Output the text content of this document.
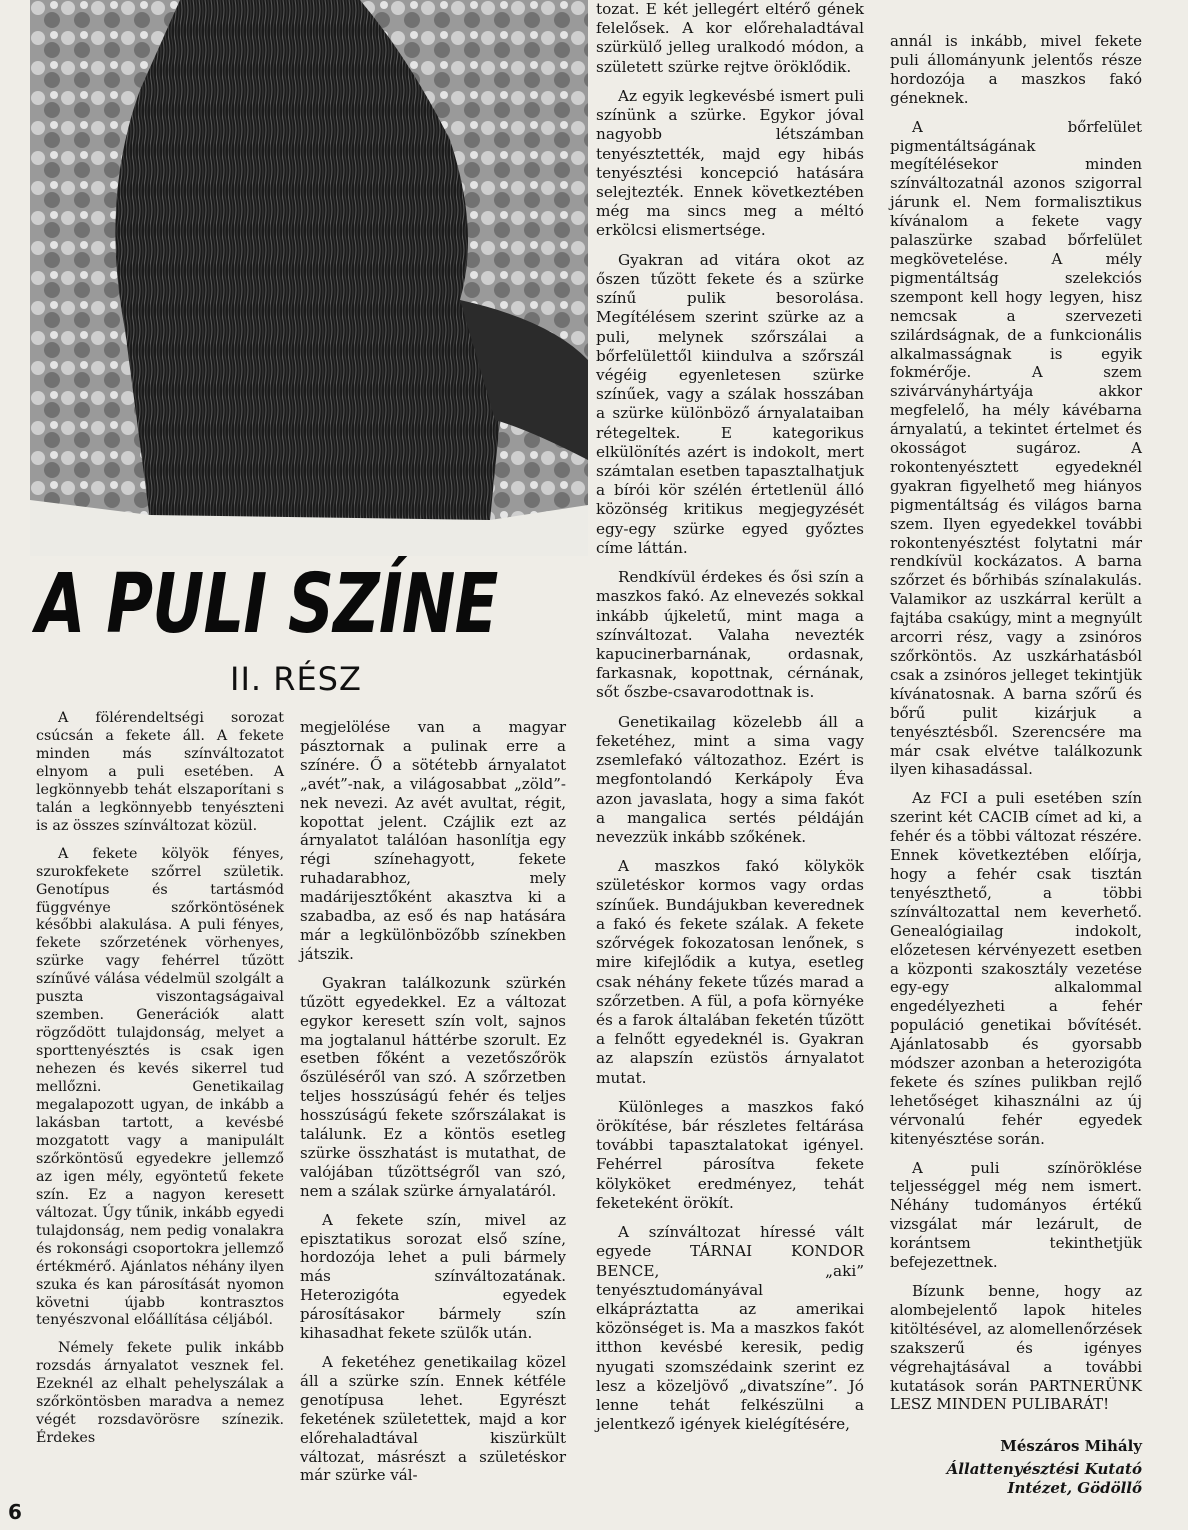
A PULI SZÍNE
II. RÉSZ

A fölérendeltségi sorozat csúcsán a fekete áll. A fekete minden más színváltozatot elnyom a puli esetében. A legkönnyebb tehát elszaporítani s talán a legkönnyebb tenyészteni is az összes színváltozat közül.

A fekete kölyök fényes, szurokfekete szőrrel születik. Genotípus és tartásmód függvénye szőrköntösének későbbi alakulása. A puli fényes, fekete szőrzetének vörhenyes, szürke vagy fehérrel tűzött színűvé válása védelmül szolgált a puszta viszontagságaival szemben. Generációk alatt rögződött tulajdonság, melyet a sporttenyésztés is csak igen nehezen és kevés sikerrel tud mellőzni. Genetikailag megalapozott ugyan, de inkább a lakásban tartott, a kevésbé mozgatott vagy a manipulált szőrköntösű egyedekre jellemző az igen mély, egyöntetű fekete szín. Ez a nagyon keresett változat. Úgy tűnik, inkább egyedi tulajdonság, nem pedig vonalakra és rokonsági csoportokra jellemző értékmérő. Ajánlatos néhány ilyen szuka és kan párosítását nyomon követni újabb kontrasztos tenyészvonal előállítása céljából.

Némely fekete pulik inkább rozsdás árnyalatot vesznek fel. Ezeknél az elhalt pehelyszálak a szőrköntösben maradva a nemez végét rozsdavörösre színezik. Érdekes

megjelölése van a magyar pásztornak a pulinak erre a színére. Ő a sötétebb árnyalatot „avét”-nak, a világosabbat „zöld”-nek nevezi. Az avét avultat, régit, kopottat jelent. Czájlik ezt az árnyalatot találóan hasonlítja egy régi színehagyott, fekete ruhadarabhoz, mely madárijesztőként akasztva ki a szabadba, az eső és nap hatására már a legkülönbözőbb színekben játszik.

Gyakran találkozunk szürkén tűzött egyedekkel. Ez a változat egykor keresett szín volt, sajnos ma jogtalanul háttérbe szorult. Ez esetben főként a vezetőszőrök őszüléséről van szó. A szőrzetben teljes hosszúságú fehér és teljes hosszúságú fekete szőrszálakat is találunk. Ez a köntös esetleg szürke összhatást is mutathat, de valójában tűzöttségről van szó, nem a szálak szürke árnyalatáról.

A fekete szín, mivel az episztatikus sorozat első színe, hordozója lehet a puli bármely más színváltozatának. Heterozigóta egyedek párosításakor bármely szín kihasadhat fekete szülők után.

A feketéhez genetikailag közel áll a szürke szín. Ennek kétféle genotípusa lehet. Egyrészt feketének születettek, majd a kor előrehaladtával kiszürkült változat, másrészt a születéskor már szürke vál-

tozat. E két jellegért eltérő gének felelősek. A kor előrehaladtával szürkülő jelleg uralkodó módon, a született szürke rejtve öröklődik.

Az egyik legkevésbé ismert puli színünk a szürke. Egykor jóval nagyobb létszámban tenyésztették, majd egy hibás tenyésztési koncepció hatására selejtezték. Ennek következtében még ma sincs meg a méltó erkölcsi elismertsége.

Gyakran ad vitára okot az őszen tűzött fekete és a szürke színű pulik besorolása. Megítélésem szerint szürke az a puli, melynek szőrszálai a bőrfelülettől kiindulva a szőrszál végéig egyenletesen szürke színűek, vagy a szálak hosszában a szürke különböző árnyalataiban rétegeltek. E kategorikus elkülönítés azért is indokolt, mert számtalan esetben tapasztalhatjuk a bírói kör szélén értetlenül álló közönség kritikus megjegyzését egy-egy szürke egyed győztes címe láttán.

Rendkívül érdekes és ősi szín a maszkos fakó. Az elnevezés sokkal inkább újkeletű, mint maga a színváltozat. Valaha nevezték kapucinerbarnának, ordasnak, farkasnak, kopottnak, cérnának, sőt őszbe-csavarodottnak is.

Genetikailag közelebb áll a feketéhez, mint a sima vagy zsemlefakó változathoz. Ezért is megfontolandó Kerkápoly Éva azon javaslata, hogy a sima fakót a mangalica sertés példáján nevezzük inkább szőkének.

A maszkos fakó kölykök születéskor kormos vagy ordas színűek. Bundájukban keverednek a fakó és fekete szálak. A fekete szőrvégek fokozatosan lenőnek, s mire kifejlődik a kutya, esetleg csak néhány fekete tűzés marad a szőrzetben. A fül, a pofa környéke és a farok általában feketén tűzött a felnőtt egyedeknél is. Gyakran az alapszín ezüstös árnyalatot mutat.

Különleges a maszkos fakó örökítése, bár részletes feltárása további tapasztalatokat igényel. Fehérrel párosítva fekete kölyköket eredményez, tehát feketeként örökít.

A színváltozat híressé vált egyede TÁRNAI KONDOR BENCE, „aki” tenyésztudományával elkápráztatta az amerikai közönséget is. Ma a maszkos fakót itthon kevésbé keresik, pedig nyugati szomszédaink szerint ez lesz a közeljövő „divatszíne”. Jó lenne tehát felkészülni a jelentkező igények kielégítésére,

annál is inkább, mivel fekete puli állományunk jelentős része hordozója a maszkos fakó géneknek.

A bőrfelület pigmentáltságának megítélésekor minden színváltozatnál azonos szigorral járunk el. Nem formalisztikus kívánalom a fekete vagy palaszürke szabad bőrfelület megkövetelése. A mély pigmentáltság szelekciós szempont kell hogy legyen, hisz nemcsak a szervezeti szilárdságnak, de a funkcionális alkalmasságnak is egyik fokmérője. A szem szivárványhártyája akkor megfelelő, ha mély kávébarna árnyalatú, a tekintet értelmet és okosságot sugároz. A rokontenyésztett egyedeknél gyakran figyelhető meg hiányos pigmentáltság és világos barna szem. Ilyen egyedekkel további rokontenyésztést folytatni már rendkívül kockázatos. A barna szőrzet és bőrhibás színalakulás. Valamikor az uszkárral került a fajtába csakúgy, mint a megnyúlt arcorri rész, vagy a zsinóros szőrköntös. Az uszkárhatásból csak a zsinóros jelleget tekintjük kívánatosnak. A barna szőrű és bőrű pulit kizárjuk a tenyésztésből. Szerencsére ma már csak elvétve találkozunk ilyen kihasadással.

Az FCI a puli esetében szín szerint két CACIB címet ad ki, a fehér és a többi változat részére. Ennek következtében előírja, hogy a fehér csak tisztán tenyészthető, a többi színváltozattal nem keverhető. Genealógiailag indokolt, előzetesen kérvényezett esetben a központi szakosztály vezetése egy-egy alkalommal engedélyezheti a fehér populáció genetikai bővítését. Ajánlatosabb és gyorsabb módszer azonban a heterozigóta fekete és színes pulikban rejlő lehetőséget kihasználni az új vérvonalú fehér egyedek kitenyésztése során.

A puli színöröklése teljességgel még nem ismert. Néhány tudományos értékű vizsgálat már lezárult, de korántsem tekinthetjük befejezettnek.

Bízunk benne, hogy az alombejelentő lapok hiteles kitöltésével, az alomellenőrzések szakszerű és igényes végrehajtásával a további kutatások során PARTNERÜNK LESZ MINDEN PULIBARÁT!

Mészáros Mihály
Állattenyésztési Kutató Intézet, Gödöllő
6
